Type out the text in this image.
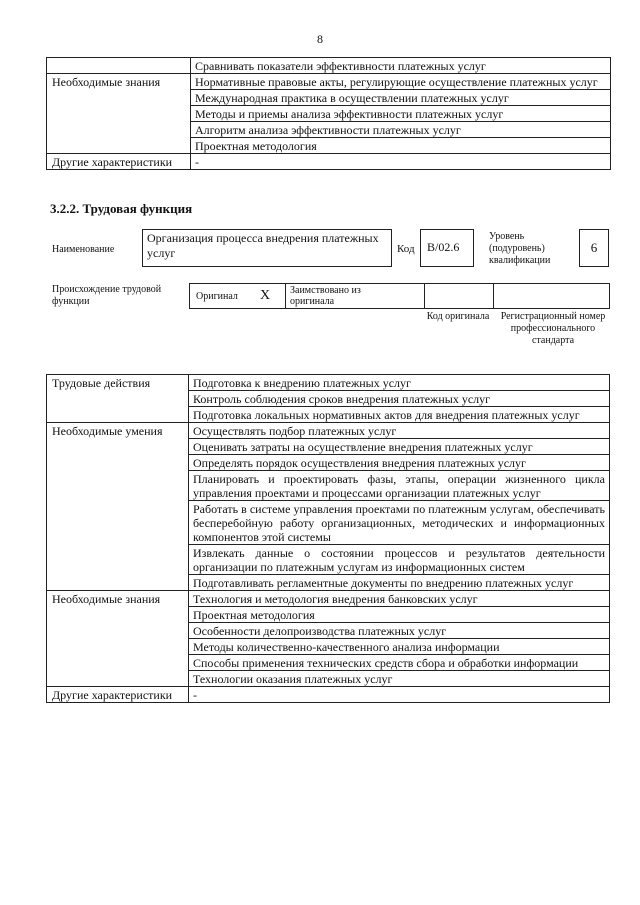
8
	Сравнивать показатели эффективности платежных услуг
Необходимые знания	Нормативные правовые акты, регулирующие осуществление платежных услуг
	Международная практика в осуществлении платежных услуг
	Методы и приемы анализа эффективности платежных услуг
	Алгоритм анализа эффективности платежных услуг
	Проектная методология
Другие характеристики	-
3.2.2. Трудовая функция
Наименование
Организация процесса внедрения платежных услуг	Код	B/02.6
Уровень (подуровень) квалификации
6
Происхождение трудовой функции	Оригинал X Заимствовано из оригинала
Код оригинала	Регистрационный номер профессионального стандарта
Трудовые действия	Подготовка к внедрению платежных услуг
	Контроль соблюдения сроков внедрения платежных услуг
	Подготовка локальных нормативных актов для внедрения платежных услуг
Необходимые умения	Осуществлять подбор платежных услуг
	Оценивать затраты на осуществление внедрения платежных услуг
	Определять порядок осуществления внедрения платежных услуг
	Планировать и проектировать фазы, этапы, операции жизненного цикла управления проектами и процессами организации платежных услуг
	Работать в системе управления проектами по платежным услугам, обеспечивать бесперебойную работу организационных, методических и информационных компонентов этой системы
	Извлекать данные о состоянии процессов и результатов деятельности организации по платежным услугам из информационных систем
	Подготавливать регламентные документы по внедрению платежных услуг
Необходимые знания	Технология и методология внедрения банковских услуг
	Проектная методология
	Особенности делопроизводства платежных услуг
	Методы количественно-качественного анализа информации
	Способы применения технических средств сбора и обработки информации
	Технологии оказания платежных услуг
Другие характеристики	-
